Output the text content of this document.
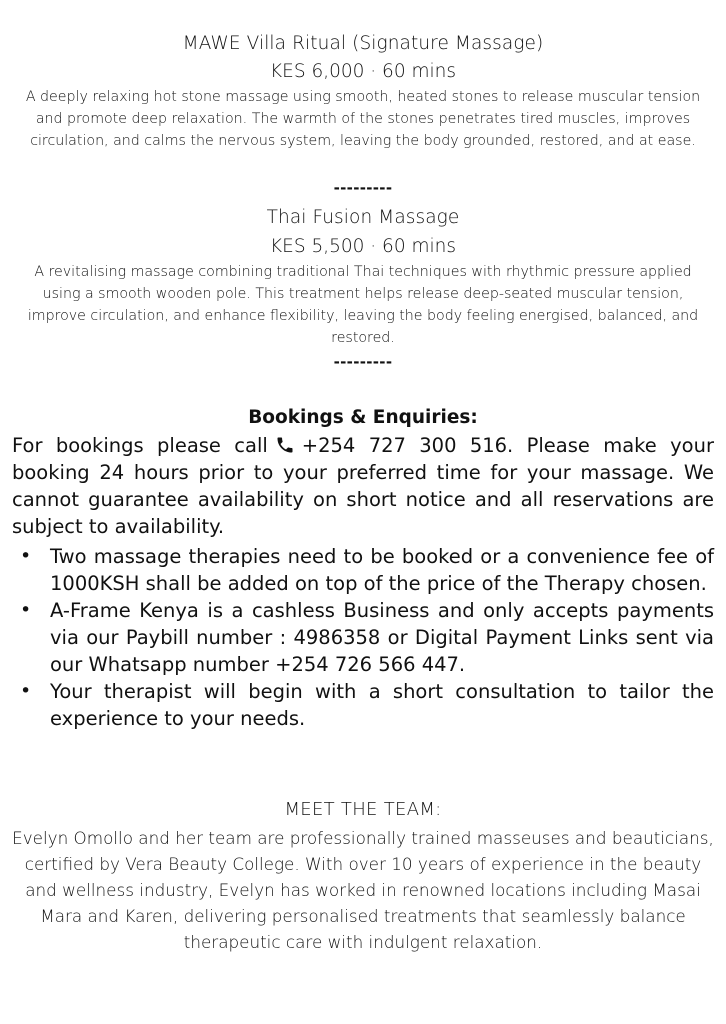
MAWE Villa Ritual (Signature Massage)
KES 6,000 · 60 mins
A deeply relaxing hot stone massage using smooth, heated stones to release muscular tension and promote deep relaxation. The warmth of the stones penetrates tired muscles, improves circulation, and calms the nervous system, leaving the body grounded, restored, and at ease.
---------
Thai Fusion Massage
KES 5,500 · 60 mins
A revitalising massage combining traditional Thai techniques with rhythmic pressure applied using a smooth wooden pole. This treatment helps release deep-seated muscular tension, improve circulation, and enhance flexibility, leaving the body feeling energised, balanced, and restored.
---------
Bookings & Enquiries:
For bookings please call +254 727 300 516. Please make your booking 24 hours prior to your preferred time for your massage. We cannot guarantee availability on short notice and all reservations are subject to availability.
• Two massage therapies need to be booked or a convenience fee of 1000KSH shall be added on top of the price of the Therapy chosen.
• A-Frame Kenya is a cashless Business and only accepts payments via our Paybill number : 4986358 or Digital Payment Links sent via our Whatsapp number +254 726 566 447.
• Your therapist will begin with a short consultation to tailor the experience to your needs.
MEET THE TEAM:
Evelyn Omollo and her team are professionally trained masseuses and beauticians, certified by Vera Beauty College. With over 10 years of experience in the beauty and wellness industry, Evelyn has worked in renowned locations including Masai Mara and Karen, delivering personalised treatments that seamlessly balance therapeutic care with indulgent relaxation.
